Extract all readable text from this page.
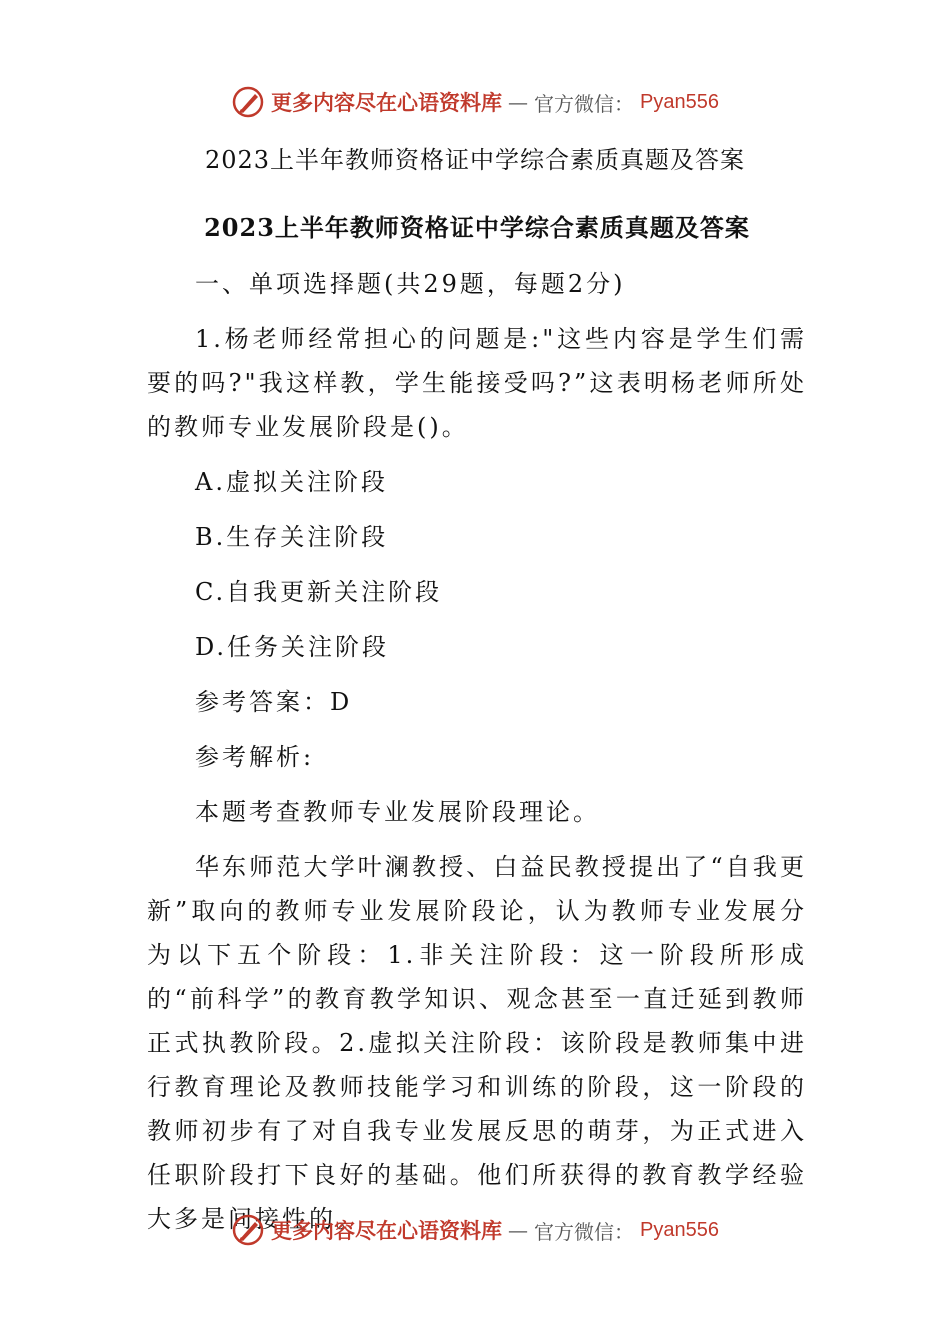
更多内容尽在心语资料库 — 官方微信： Pyan556
2023上半年教师资格证中学综合素质真题及答案
2023上半年教师资格证中学综合素质真题及答案
一、单项选择题(共29题，每题2分)
1.杨老师经常担心的问题是:"这些内容是学生们需要的吗?"我这样教，学生能接受吗?”这表明杨老师所处的教师专业发展阶段是()。
A.虚拟关注阶段
B.生存关注阶段
C.自我更新关注阶段
D.任务关注阶段
参考答案：D
参考解析:
本题考查教师专业发展阶段理论。
华东师范大学叶澜教授、白益民教授提出了“自我更新”取向的教师专业发展阶段论，认为教师专业发展分为以下五个阶段：1.非关注阶段：这一阶段所形成的“前科学”的教育教学知识、观念甚至一直迁延到教师正式执教阶段。2.虚拟关注阶段：该阶段是教师集中进行教育理论及教师技能学习和训练的阶段，这一阶段的教师初步有了对自我专业发展反思的萌芽，为正式进入任职阶段打下良好的基础。他们所获得的教育教学经验大多是间接性的。
更多内容尽在心语资料库 — 官方微信： Pyan556
